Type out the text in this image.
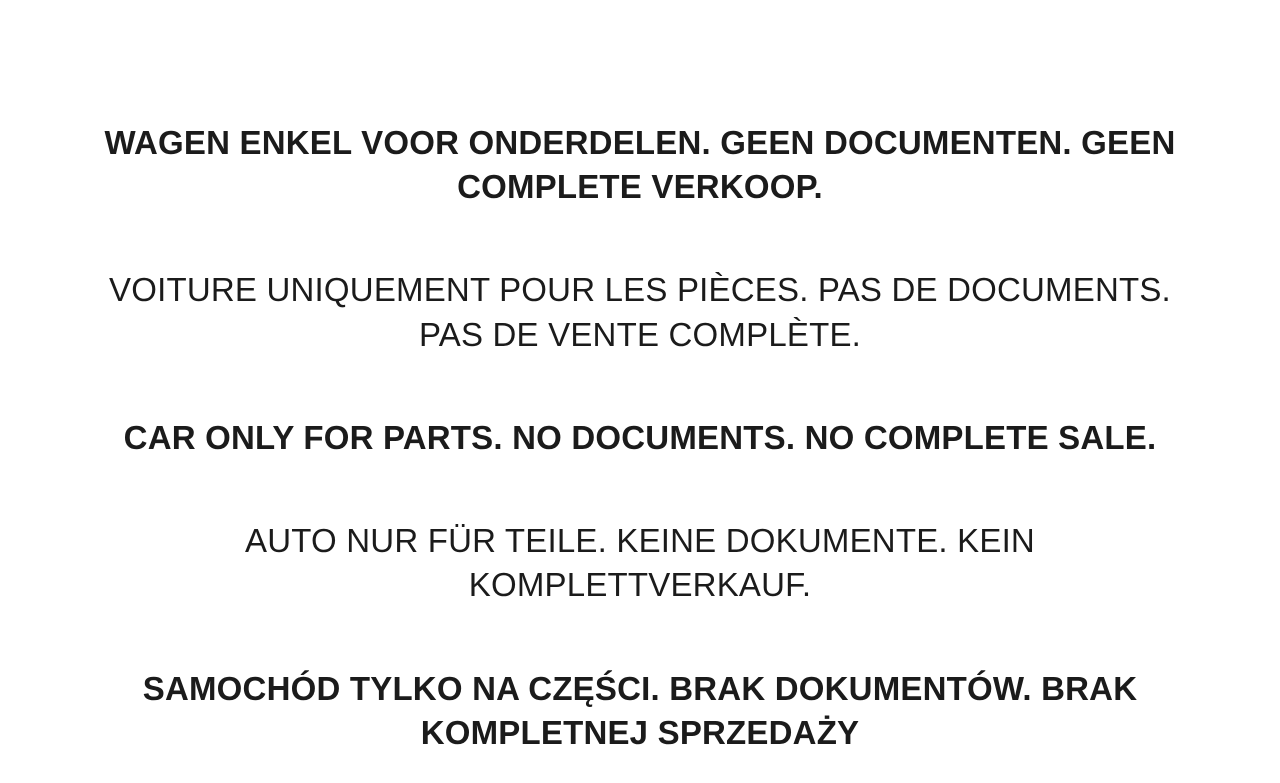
WAGEN ENKEL VOOR ONDERDELEN. GEEN DOCUMENTEN. GEEN COMPLETE VERKOOP.

VOITURE UNIQUEMENT POUR LES PIÈCES. PAS DE DOCUMENTS. PAS DE VENTE COMPLÈTE.

CAR ONLY FOR PARTS. NO DOCUMENTS. NO COMPLETE SALE.

AUTO NUR FÜR TEILE. KEINE DOKUMENTE. KEIN KOMPLETTVERKAUF.

SAMOCHÓD TYLKO NA CZĘŚCI. BRAK DOKUMENTÓW. BRAK KOMPLETNEJ SPRZEDAŻY
